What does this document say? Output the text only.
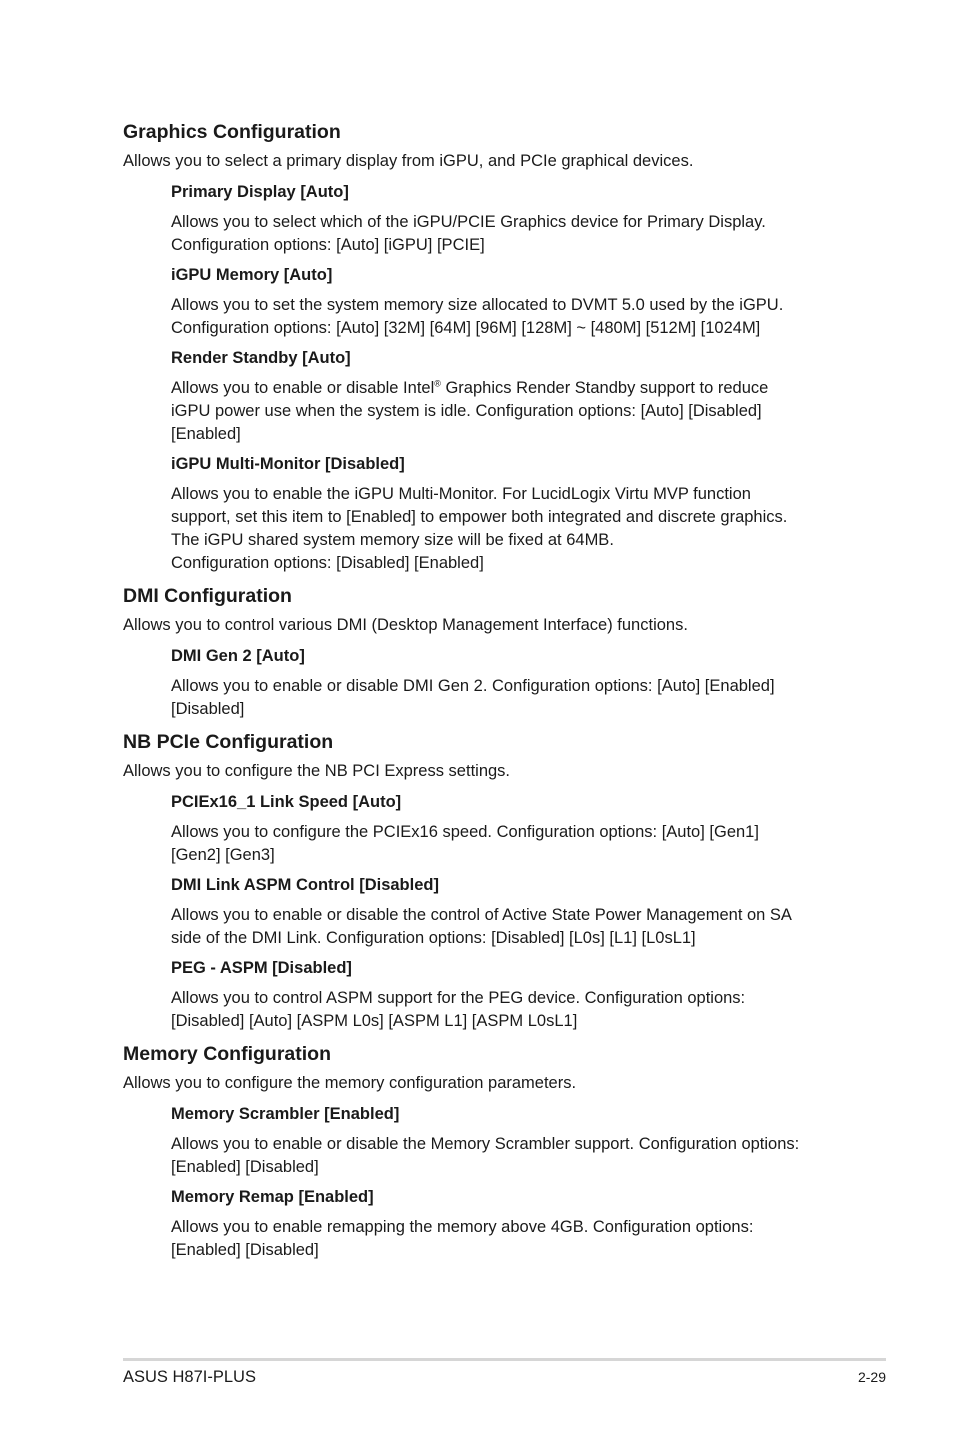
Graphics Configuration

Allows you to select a primary display from iGPU, and PCIe graphical devices.

Primary Display [Auto]

Allows you to select which of the iGPU/PCIE Graphics device for Primary Display.
Configuration options: [Auto] [iGPU] [PCIE]

iGPU Memory [Auto]

Allows you to set the system memory size allocated to DVMT 5.0 used by the iGPU.
Configuration options: [Auto] [32M] [64M] [96M] [128M] ~ [480M] [512M] [1024M]

Render Standby [Auto]

Allows you to enable or disable Intel® Graphics Render Standby support to reduce
iGPU power use when the system is idle. Configuration options: [Auto] [Disabled]
[Enabled]

iGPU Multi-Monitor [Disabled]

Allows you to enable the iGPU Multi-Monitor. For LucidLogix Virtu MVP function
support, set this item to [Enabled] to empower both integrated and discrete graphics.
The iGPU shared system memory size will be fixed at 64MB.
Configuration options: [Disabled] [Enabled]

DMI Configuration

Allows you to control various DMI (Desktop Management Interface) functions.

DMI Gen 2 [Auto]

Allows you to enable or disable DMI Gen 2. Configuration options: [Auto] [Enabled]
[Disabled]

NB PCIe Configuration

Allows you to configure the NB PCI Express settings.

PCIEx16_1 Link Speed [Auto]

Allows you to configure the PCIEx16 speed. Configuration options: [Auto] [Gen1]
[Gen2] [Gen3]

DMI Link ASPM Control [Disabled]

Allows you to enable or disable the control of Active State Power Management on SA
side of the DMI Link. Configuration options: [Disabled] [L0s] [L1] [L0sL1]

PEG - ASPM [Disabled]

Allows you to control ASPM support for the PEG device. Configuration options:
[Disabled] [Auto] [ASPM L0s] [ASPM L1] [ASPM L0sL1]

Memory Configuration

Allows you to configure the memory configuration parameters.

Memory Scrambler [Enabled]

Allows you to enable or disable the Memory Scrambler support. Configuration options:
[Enabled] [Disabled]

Memory Remap [Enabled]

Allows you to enable remapping the memory above 4GB. Configuration options:
[Enabled] [Disabled]

ASUS H87I-PLUS	2-29
